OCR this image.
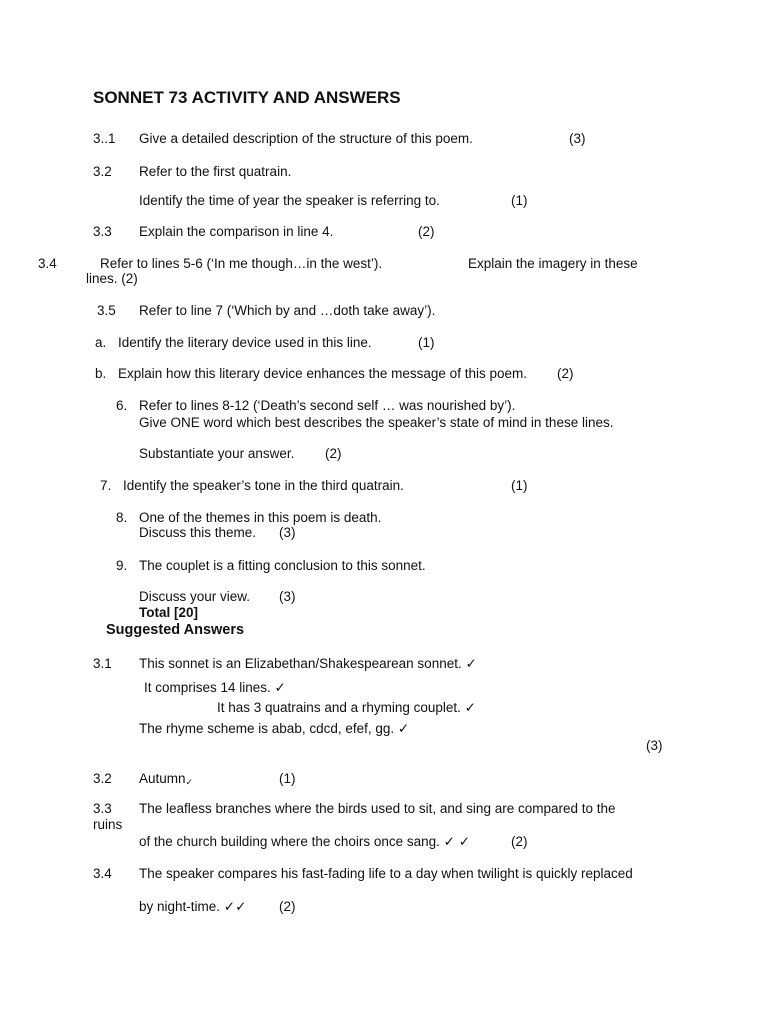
SONNET 73 ACTIVITY AND ANSWERS
3..1 Give a detailed description of the structure of this poem.	(3)
3.2 Refer to the first quatrain.
Identify the time of year the speaker is referring to.	(1)
3.3 Explain the comparison in line 4.	(2)
3.4	Refer to lines 5-6 (‘In me though…in the west’).	Explain the imagery in these
lines. (2)
3.5 Refer to line 7 (‘Which by and …doth take away’).
a. Identify the literary device used in this line.	(1)
b. Explain how this literary device enhances the message of this poem. (2)
6. Refer to lines 8-12 (‘Death’s second self … was nourished by’).
Give ONE word which best describes the speaker’s state of mind in these lines.
Substantiate your answer. (2)
7. Identify the speaker’s tone in the third quatrain.	(1)
8. One of the themes in this poem is death.
Discuss this theme. (3)
9. The couplet is a fitting conclusion to this sonnet.
Discuss your view. (3)
Total [20]
Suggested Answers
3.1 This sonnet is an Elizabethan/Shakespearean sonnet. ✓
It comprises 14 lines. ✓
It has 3 quatrains and a rhyming couplet. ✓
The rhyme scheme is abab, cdcd, efef, gg. ✓
(3)
3.2 Autumn✓	(1)
3.3 The leafless branches where the birds used to sit, and sing are compared to the
ruins
of the church building where the choirs once sang. ✓ ✓	(2)
3.4 The speaker compares his fast-fading life to a day when twilight is quickly replaced
by night-time. ✓✓ (2)
